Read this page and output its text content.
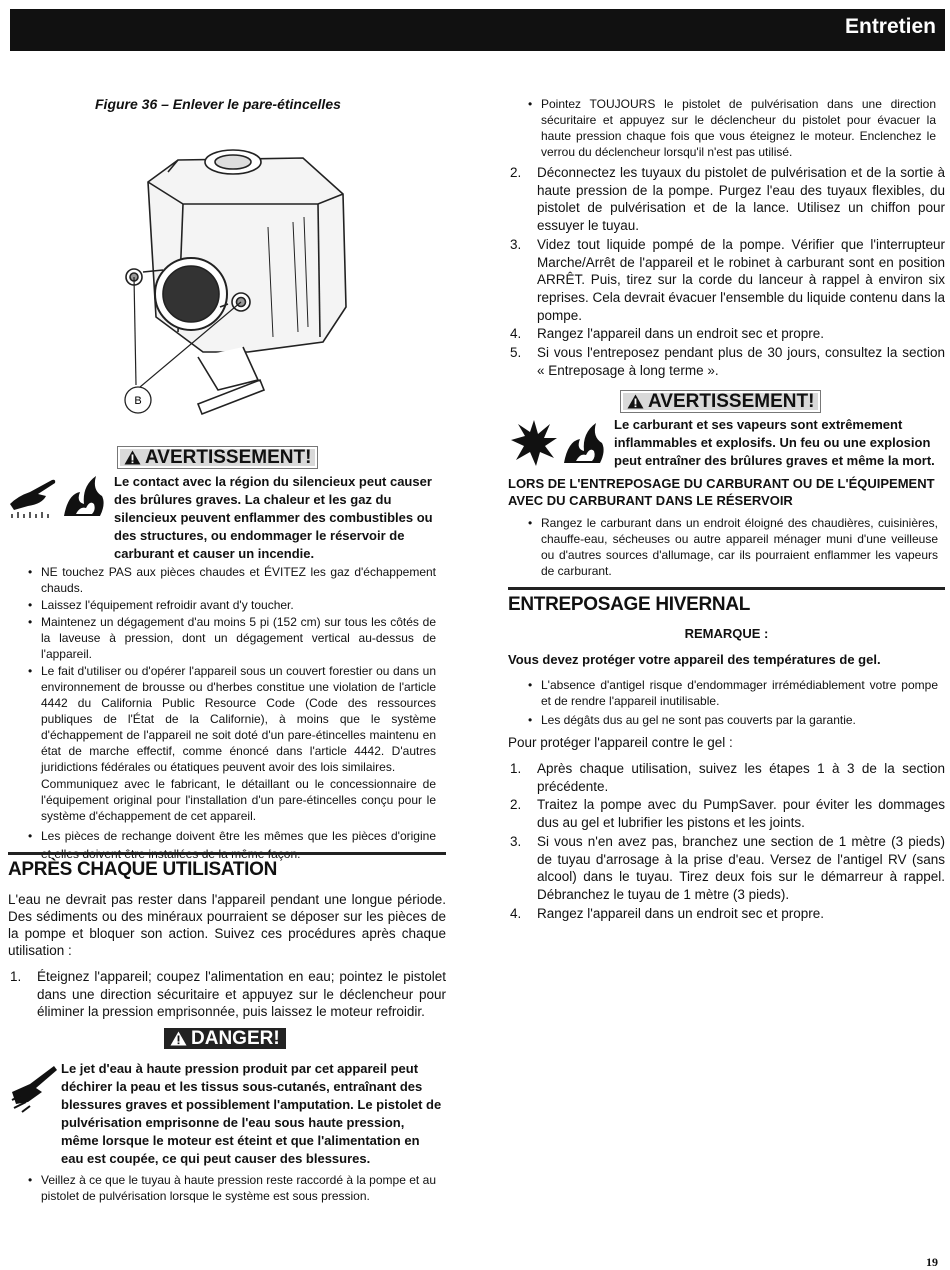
Entretien
Figure 36 – Enlever le pare-étincelles
B
AVERTISSEMENT!
Le contact avec la région du silencieux peut causer des brûlures graves. La chaleur et les gaz du silencieux peuvent enflammer des combustibles ou des structures, ou endommager le réservoir de carburant et causer un incendie.
• NE touchez PAS aux pièces chaudes et ÉVITEZ les gaz d'échappement chauds.
• Laissez l'équipement refroidir avant d'y toucher.
• Maintenez un dégagement d'au moins 5 pi (152 cm) sur tous les côtés de la laveuse à pression, dont un dégagement vertical au-dessus de l'appareil.
• Le fait d'utiliser ou d'opérer l'appareil sous un couvert forestier ou dans un environnement de brousse ou d'herbes constitue une violation de l'article 4442 du California Public Resource Code (Code des ressources publiques de l'État de la Californie), à moins que le système d'échappement de l'appareil ne soit doté d'un pare-étincelles maintenu en état de marche effectif, comme énoncé dans l'article 4442. D'autres juridictions fédérales ou étatiques peuvent avoir des lois similaires.
Communiquez avec le fabricant, le détaillant ou le concessionnaire de l'équipement original pour l'installation d'un pare-étincelles conçu pour le système d'échappement de cet appareil.
• Les pièces de rechange doivent être les mêmes que les pièces d'origine et elles doivent être installées de la même façon.
APRÈS CHAQUE UTILISATION

L'eau ne devrait pas rester dans l'appareil pendant une longue période. Des sédiments ou des minéraux pourraient se déposer sur les pièces de la pompe et bloquer son action. Suivez ces procédures après chaque utilisation :

1. Éteignez l'appareil; coupez l'alimentation en eau; pointez le pistolet dans une direction sécuritaire et appuyez sur le déclencheur pour éliminer la pression emprisonnée, puis laissez le moteur refroidir.
DANGER!
Le jet d'eau à haute pression produit par cet appareil peut déchirer la peau et les tissus sous-cutanés, entraînant des blessures graves et possiblement l'amputation. Le pistolet de pulvérisation emprisonne de l'eau sous haute pression, même lorsque le moteur est éteint et que l'alimentation en eau est coupée, ce qui peut causer des blessures.
• Veillez à ce que le tuyau à haute pression reste raccordé à la pompe et au pistolet de pulvérisation lorsque le système est sous pression.
• Pointez TOUJOURS le pistolet de pulvérisation dans une direction sécuritaire et appuyez sur le déclencheur du pistolet pour évacuer la haute pression chaque fois que vous éteignez le moteur. Enclenchez le verrou du déclencheur lorsqu'il n'est pas utilisé.
2. Déconnectez les tuyaux du pistolet de pulvérisation et de la sortie à haute pression de la pompe. Purgez l'eau des tuyaux flexibles, du pistolet de pulvérisation et de la lance. Utilisez un chiffon pour essuyer le tuyau.
3. Videz tout liquide pompé de la pompe. Vérifier que l'interrupteur Marche/Arrêt de l'appareil et le robinet à carburant sont en position ARRÊT. Puis, tirez sur la corde du lanceur à rappel à environ six reprises. Cela devrait évacuer l'ensemble du liquide contenu dans la pompe.
4. Rangez l'appareil dans un endroit sec et propre.
5. Si vous l'entreposez pendant plus de 30 jours, consultez la section « Entreposage à long terme ».
AVERTISSEMENT!
Le carburant et ses vapeurs sont extrêmement inflammables et explosifs. Un feu ou une explosion peut entraîner des brûlures graves et même la mort.
LORS DE L'ENTREPOSAGE DU CARBURANT OU DE L'ÉQUIPEMENT AVEC DU CARBURANT DANS LE RÉSERVOIR
• Rangez le carburant dans un endroit éloigné des chaudières, cuisinières, chauffe-eau, sécheuses ou autre appareil ménager muni d'une veilleuse ou d'autres sources d'allumage, car ils pourraient enflammer les vapeurs de carburant.
ENTREPOSAGE HIVERNAL
REMARQUE :
Vous devez protéger votre appareil des températures de gel.
• L'absence d'antigel risque d'endommager irrémédiablement votre pompe et de rendre l'appareil inutilisable.
• Les dégâts dus au gel ne sont pas couverts par la garantie.

Pour protéger l'appareil contre le gel :

1. Après chaque utilisation, suivez les étapes 1 à 3 de la section précédente.
2. Traitez la pompe avec du PumpSaver. pour éviter les dommages dus au gel et lubrifier les pistons et les joints.
3. Si vous n'en avez pas, branchez une section de 1 mètre (3 pieds) de tuyau d'arrosage à la prise d'eau. Versez de l'antigel RV (sans alcool) dans le tuyau. Tirez deux fois sur le démarreur à rappel. Débranchez le tuyau de 1 mètre (3 pieds).
4. Rangez l'appareil dans un endroit sec et propre.
19
